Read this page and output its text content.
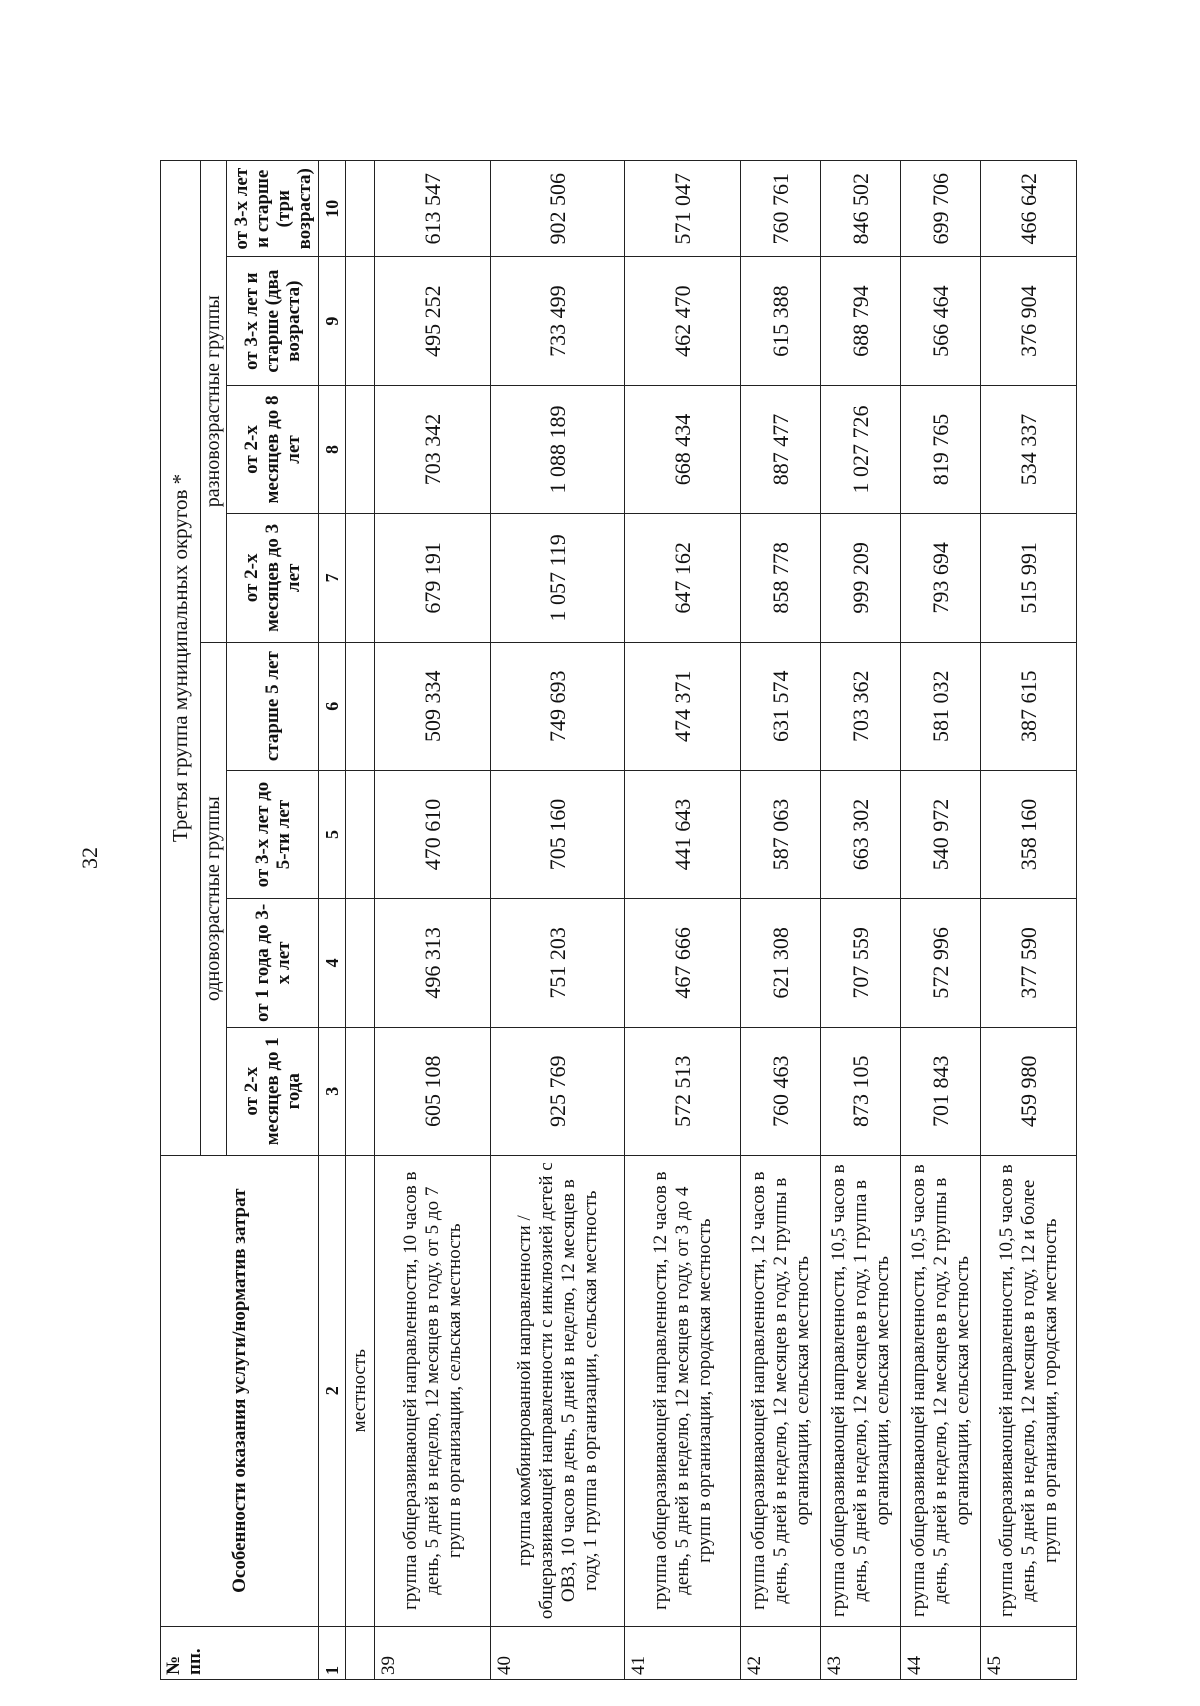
32
№ пп.	Особенности оказания услуги/норматив затрат	Третья группа муниципальных округов *							
		одновозрастные группы				разновозрастные группы			
		от 2-х месяцев до 1 года	от 1 года до 3-х лет	от 3-х лет до 5-ти лет	старше 5 лет	от 2-х месяцев до 3 лет	от 2-х месяцев до 8 лет	от 3-х лет и старше (два возраста)	от 3-х лет и старше (три возраста)
1	2	3	4	5	6	7	8	9	10
	местность								
39	группа общеразвивающей направленности, 10 часов в день, 5 дней в неделю, 12 месяцев в году, от 5 до 7 групп в организации, сельская местность	605 108	496 313	470 610	509 334	679 191	703 342	495 252	613 547
40	группа комбинированной направленности / общеразвивающей направленности с инклюзией детей с ОВЗ, 10 часов в день, 5 дней в неделю, 12 месяцев в году, 1 группа в организации, сельская местность	925 769	751 203	705 160	749 693	1 057 119	1 088 189	733 499	902 506
41	группа общеразвивающей направленности, 12 часов в день, 5 дней в неделю, 12 месяцев в году, от 3 до 4 групп в организации, городская местность	572 513	467 666	441 643	474 371	647 162	668 434	462 470	571 047
42	группа общеразвивающей направленности, 12 часов в день, 5 дней в неделю, 12 месяцев в году, 2 группы в организации, сельская местность	760 463	621 308	587 063	631 574	858 778	887 477	615 388	760 761
43	группа общеразвивающей направленности, 10,5 часов в день, 5 дней в неделю, 12 месяцев в году, 1 группа в организации, сельская местность	873 105	707 559	663 302	703 362	999 209	1 027 726	688 794	846 502
44	группа общеразвивающей направленности, 10,5 часов в день, 5 дней в неделю, 12 месяцев в году, 2 группы в организации, сельская местность	701 843	572 996	540 972	581 032	793 694	819 765	566 464	699 706
45	группа общеразвивающей направленности, 10,5 часов в день, 5 дней в неделю, 12 месяцев в году, 12 и более групп в организации, городская местность	459 980	377 590	358 160	387 615	515 991	534 337	376 904	466 642
